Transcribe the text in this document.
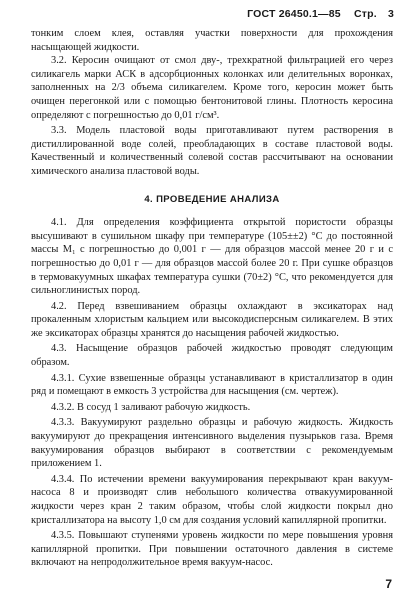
ГОСТ 26450.1—85 Стр. 3

тонким слоем клея, оставляя участки поверхности для прохождения насыщающей жидкости.

3.2. Керосин очищают от смол дву-, трехкратной фильтрацией его через силикагель марки АСК в адсорбционных колонках или делительных воронках, заполненных на 2/3 объема силикагелем. Кроме того, керосин может быть очищен перегонкой или с помощью бентонитовой глины. Плотность керосина определяют с погрешностью до 0,01 г/см³.

3.3. Модель пластовой воды приготавливают путем растворения в дистиллированной воде солей, преобладающих в составе пластовой воды. Качественный и количественный солевой состав рассчитывают на основании химического анализа пластовой воды.

4. ПРОВЕДЕНИЕ АНАЛИЗА

4.1. Для определения коэффициента открытой пористости образцы высушивают в сушильном шкафу при температуре (105±±2) °C до постоянной массы M₁ с погрешностью до 0,001 г — для образцов массой менее 20 г и с погрешностью до 0,01 г — для образцов массой более 20 г. При сушке образцов в термовакуумных шкафах температура сушки (70±2) °C, что рекомендуется для сильноглинистых пород.

4.2. Перед взвешиванием образцы охлаждают в эксикаторах над прокаленным хлористым кальцием или высокодисперсным силикагелем. В этих же эксикаторах образцы хранятся до насыщения рабочей жидкостью.

4.3. Насыщение образцов рабочей жидкостью проводят следующим образом.

4.3.1. Сухие взвешенные образцы устанавливают в кристаллизатор в один ряд и помещают в емкость 3 устройства для насыщения (см. чертеж).

4.3.2. В сосуд 1 заливают рабочую жидкость.

4.3.3. Вакуумируют раздельно образцы и рабочую жидкость. Жидкость вакуумируют до прекращения интенсивного выделения пузырьков газа. Время вакуумирования образцов выбирают в соответствии с рекомендуемым приложением 1.

4.3.4. По истечении времени вакуумирования перекрывают кран вакуум-насоса 8 и производят слив небольшого количества отвакуумированной жидкости через кран 2 таким образом, чтобы слой жидкости покрыл дно кристаллизатора на высоту 1,0 см для создания условий капиллярной пропитки.

4.3.5. Повышают ступенями уровень жидкости по мере повышения уровня капиллярной пропитки. При повышении остаточного давления в системе включают на непродолжительное время вакуум-насос.

7
